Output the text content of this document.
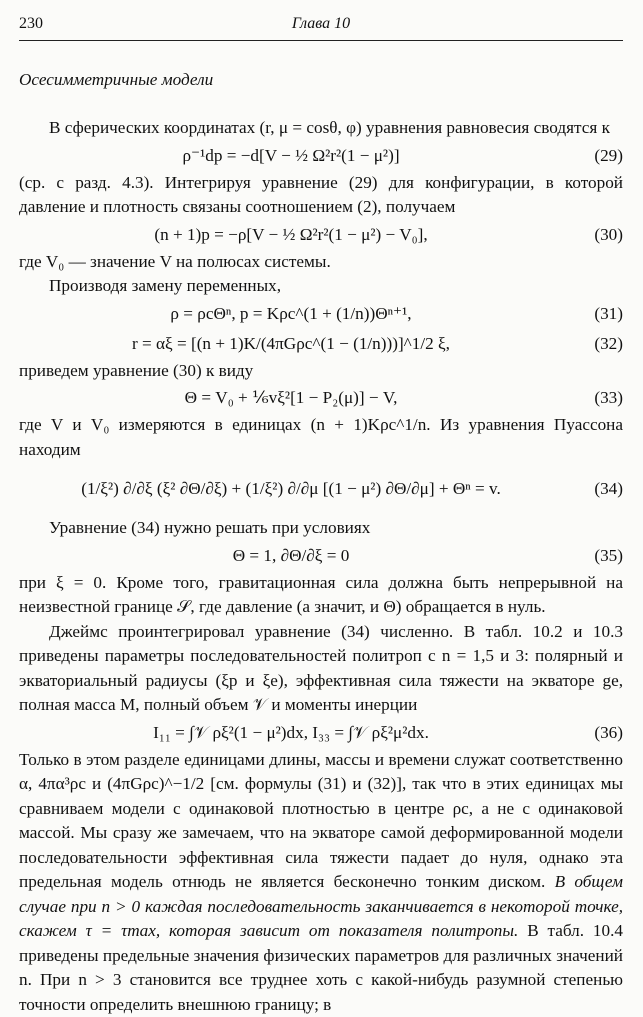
230	Глава 10
Осесимметричные модели

В сферических координатах (r, μ = cosθ, φ) уравнения равновесия сводятся к

ρ⁻¹dp = −d[V − ½ Ω²r²(1 − μ²)]	(29)

(ср. с разд. 4.3). Интегрируя уравнение (29) для конфигурации, в которой давление и плотность связаны соотношением (2), получаем

(n + 1)p = −ρ[V − ½ Ω²r²(1 − μ²) − V₀],	(30)

где V₀ — значение V на полюсах системы.

Производя замену переменных,

ρ = ρcΘⁿ, p = Kρc^(1 + (1/n))Θⁿ⁺¹,	(31)
r = αξ = [(n + 1)K/(4πGρc^(1 − (1/n)))]^1/2 ξ,	(32)

приведем уравнение (30) к виду

Θ = V₀ + ⅙vξ²[1 − P₂(μ)] − V,	(33)

где V и V₀ измеряются в единицах (n + 1)Kρc^1/n. Из уравнения Пуассона находим

(1/ξ²) ∂/∂ξ (ξ² ∂Θ/∂ξ) + (1/ξ²) ∂/∂μ [(1 − μ²) ∂Θ/∂μ] + Θⁿ = v.	(34)

Уравнение (34) нужно решать при условиях

Θ = 1, ∂Θ/∂ξ = 0	(35)

при ξ = 0. Кроме того, гравитационная сила должна быть непрерывной на неизвестной границе 𝒮, где давление (а значит, и Θ) обращается в нуль.

Джеймс проинтегрировал уравнение (34) численно. В табл. 10.2 и 10.3 приведены параметры последовательностей политроп с n = 1,5 и 3: полярный и экваториальный радиусы (ξp и ξe), эффективная сила тяжести на экваторе ge, полная масса M, полный объем 𝒱 и моменты инерции

I₁₁ = ∫𝒱 ρξ²(1 − μ²)dx, I₃₃ = ∫𝒱 ρξ²μ²dx.	(36)

Только в этом разделе единицами длины, массы и времени служат соответственно α, 4πα³ρc и (4πGρc)^−1/2 [см. формулы (31) и (32)], так что в этих единицах мы сравниваем модели с одинаковой плотностью в центре ρc, а не с одинаковой массой. Мы сразу же замечаем, что на экваторе самой деформированной модели последовательности эффективная сила тяжести падает до нуля, однако эта предельная модель отнюдь не является бесконечно тонким диском. В общем случае при n > 0 каждая последовательность заканчивается в некоторой точке, скажем τ = τmax, которая зависит от показателя политропы. В табл. 10.4 приведены предельные значения физических параметров для различных значений n. При n > 3 становится все труднее хоть с какой-нибудь разумной степенью точности определить внешнюю границу; в
